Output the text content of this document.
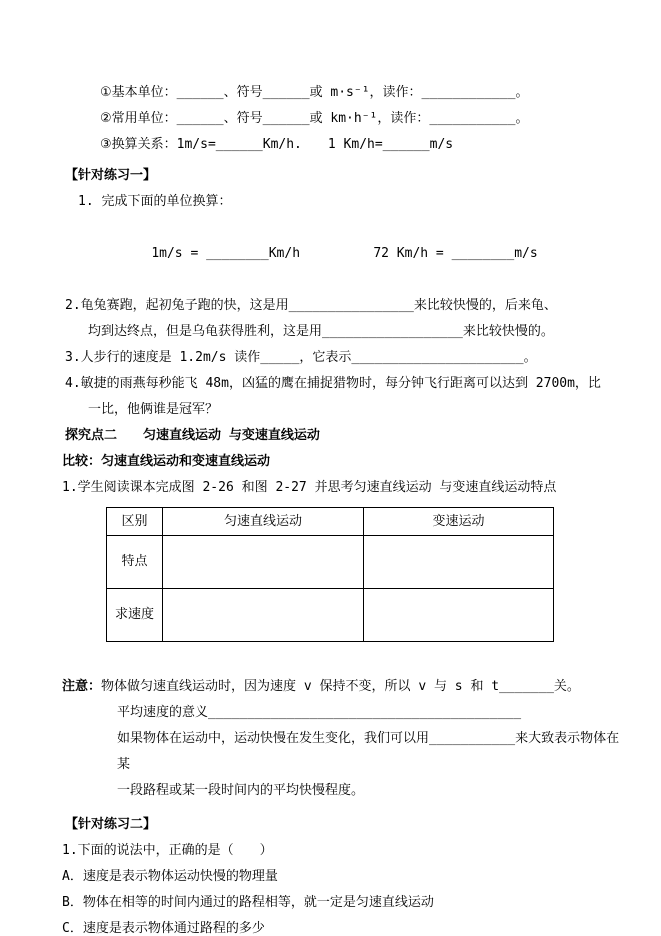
①基本单位：______、符号______或 m·s⁻¹，读作：____________。
②常用单位：______、符号______或 km·h⁻¹，读作：___________。
③换算关系：1m/s=______Km/h.　　1 Km/h=______m/s
【针对练习一】
1. 完成下面的单位换算：

1m/s = ________Km/h	72 Km/h = ________m/s

2.龟兔赛跑，起初兔子跑的快，这是用________________来比较快慢的，后来龟、
均到达终点，但是乌龟获得胜利，这是用__________________来比较快慢的。
3.人步行的速度是 1.2m/s 读作_____，它表示______________________。
4.敏捷的雨燕每秒能飞 48m，凶猛的鹰在捕捉猎物时，每分钟飞行距离可以达到 2700m，比
一比，他俩谁是冠军？
探究点二　　匀速直线运动 与变速直线运动
比较：匀速直线运动和变速直线运动
1.学生阅读课本完成图 2-26 和图 2-27 并思考匀速直线运动 与变速直线运动特点
区别	匀速直线运动	变速运动
特点		
求速度		
注意： 物体做匀速直线运动时，因为速度 v 保持不变，所以 v 与 s 和 t_______关。
平均速度的意义________________________________________
如果物体在运动中，运动快慢在发生变化，我们可以用___________来大致表示物体在某
一段路程或某一段时间内的平均快慢程度。
【针对练习二】
1.下面的说法中，正确的是（　　）
A．速度是表示物体运动快慢的物理量
B．物体在相等的时间内通过的路程相等，就一定是匀速直线运动
C．速度是表示物体通过路程的多少
